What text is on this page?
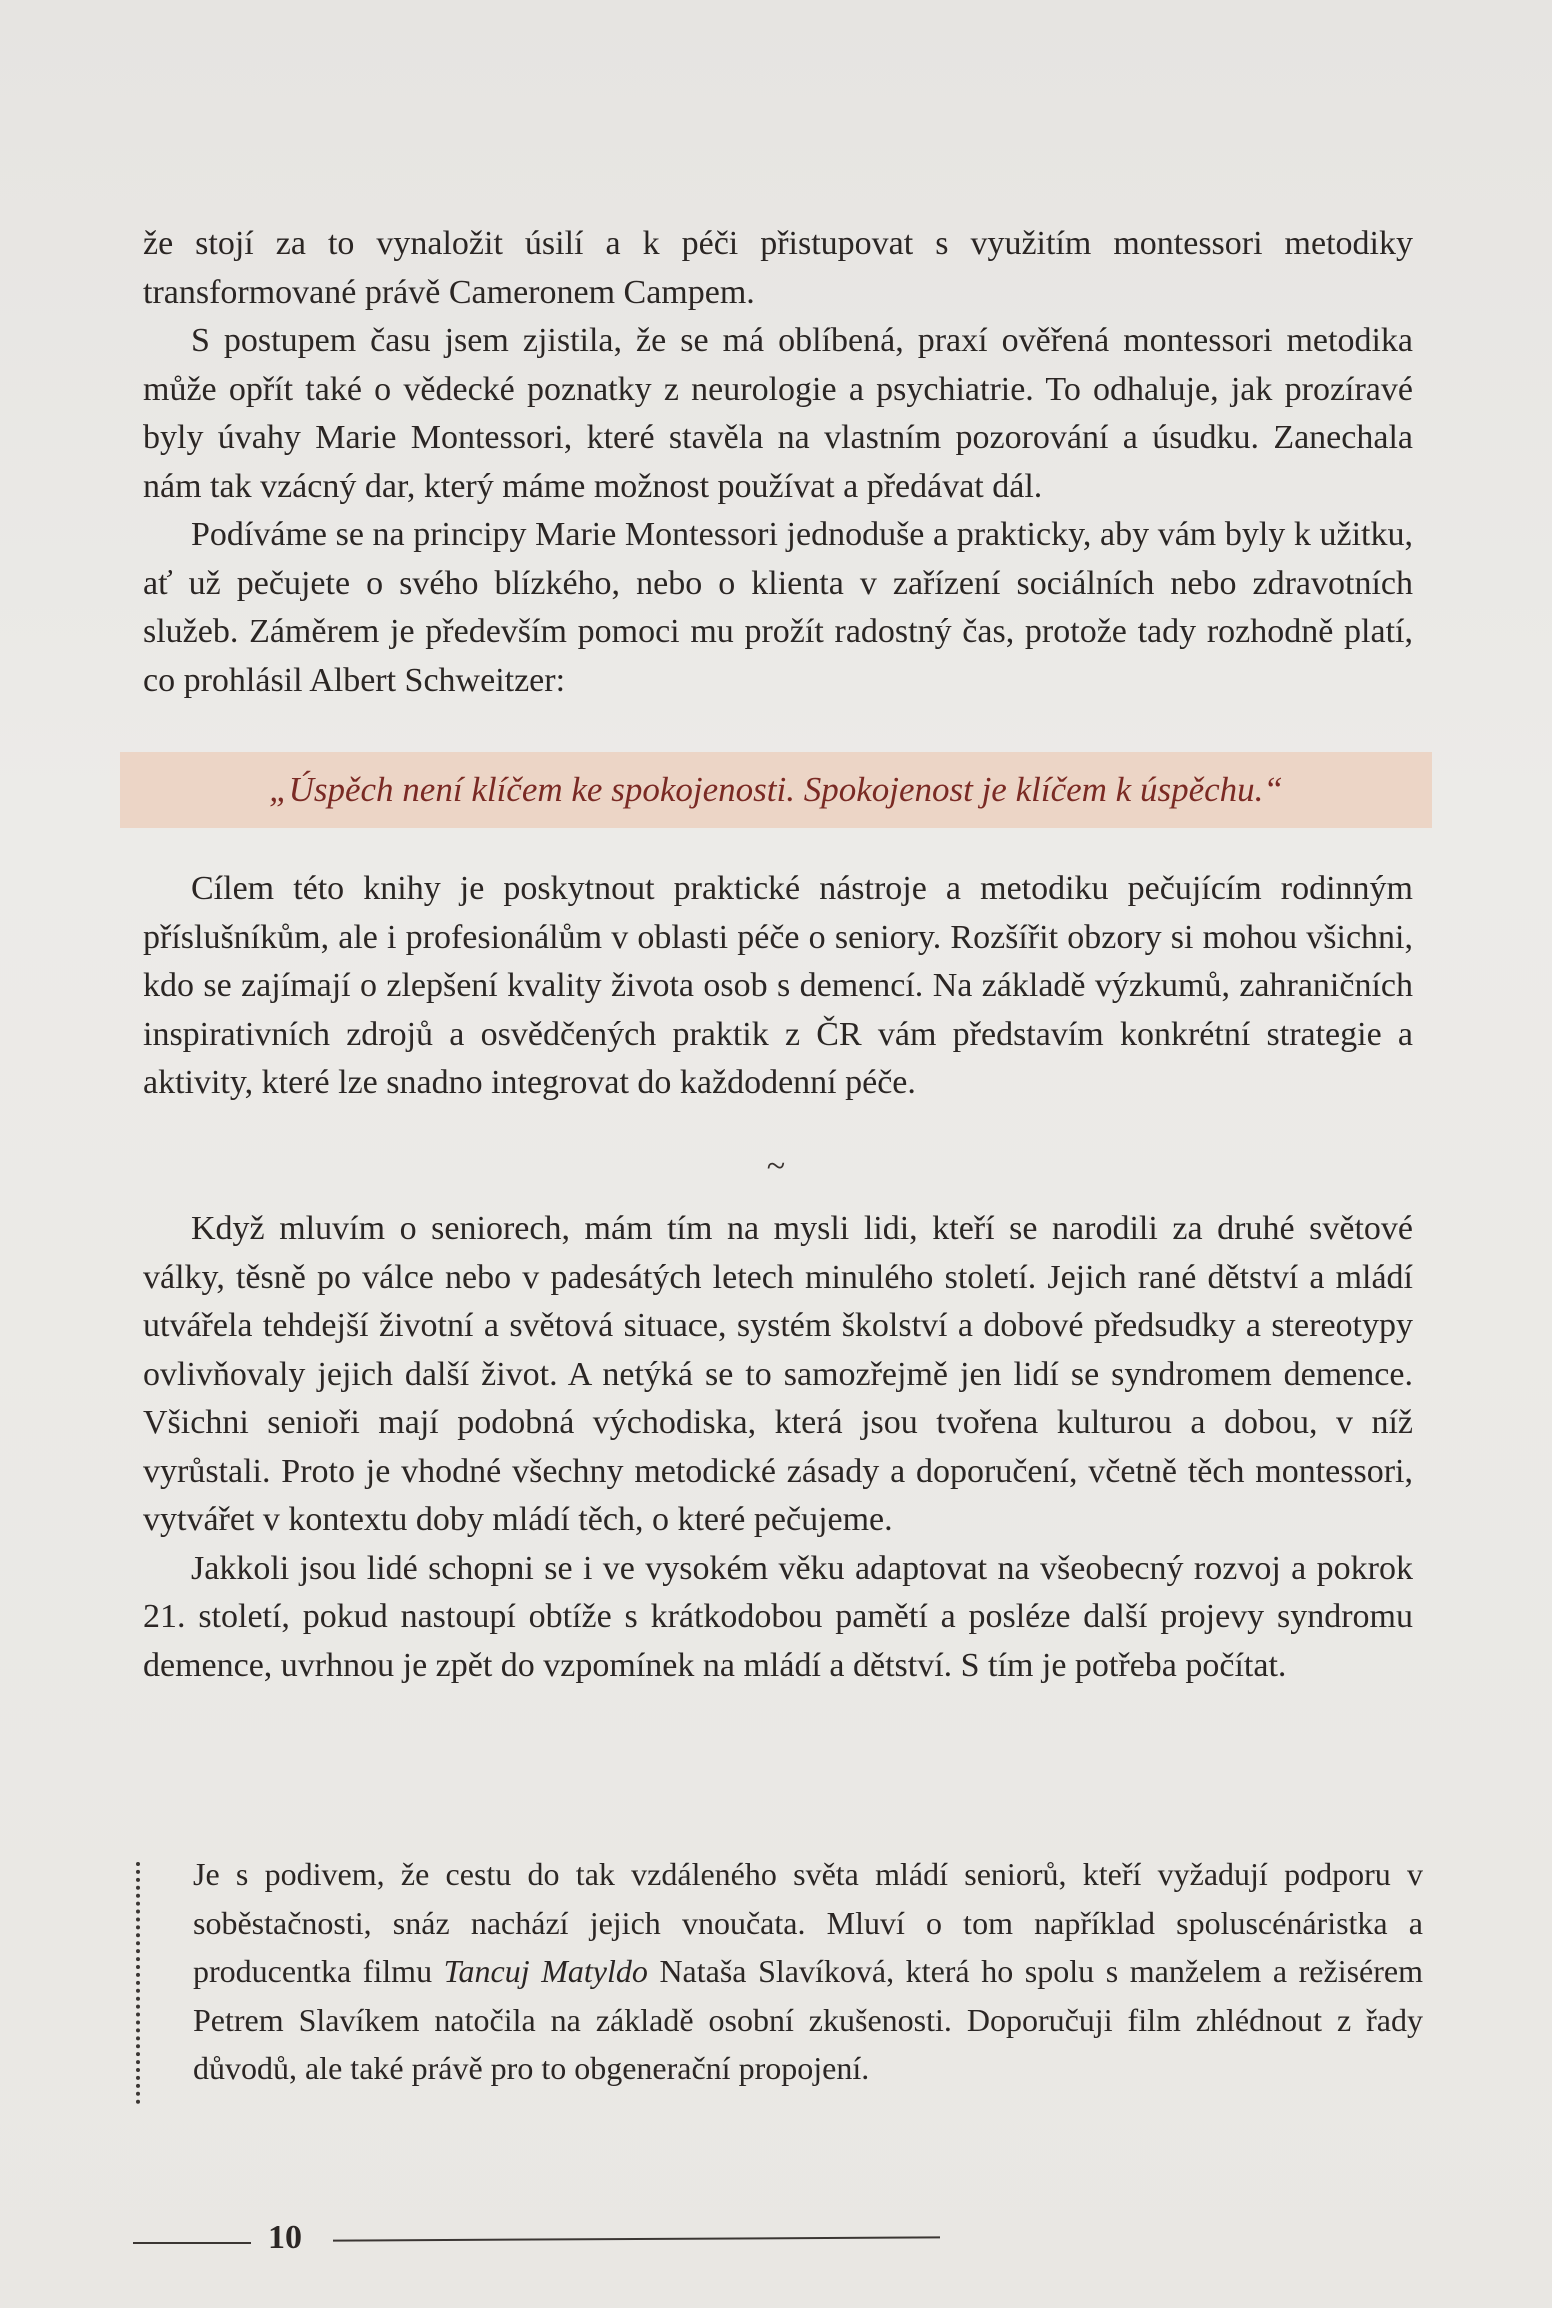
že stojí za to vynaložit úsilí a k péči přistupovat s využitím montessori metodiky transformované právě Cameronem Campem.

S postupem času jsem zjistila, že se má oblíbená, praxí ověřená montessori metodika může opřít také o vědecké poznatky z neurologie a psychiatrie. To odhaluje, jak prozíravé byly úvahy Marie Montessori, které stavěla na vlastním pozorování a úsudku. Zanechala nám tak vzácný dar, který máme možnost používat a předávat dál.

Podíváme se na principy Marie Montessori jednoduše a prakticky, aby vám byly k užitku, ať už pečujete o svého blízkého, nebo o klienta v zařízení sociálních nebo zdravotních služeb. Záměrem je především pomoci mu prožít radostný čas, protože tady rozhodně platí, co prohlásil Albert Schweitzer:

„Úspěch není klíčem ke spokojenosti. Spokojenost je klíčem k úspěchu.“

Cílem této knihy je poskytnout praktické nástroje a metodiku pečujícím rodinným příslušníkům, ale i profesionálům v oblasti péče o seniory. Rozšířit obzory si mohou všichni, kdo se zajímají o zlepšení kvality života osob s demencí. Na základě výzkumů, zahraničních inspirativních zdrojů a osvědčených praktik z ČR vám představím konkrétní strategie a aktivity, které lze snadno integrovat do každodenní péče.

~

Když mluvím o seniorech, mám tím na mysli lidi, kteří se narodili za druhé světové války, těsně po válce nebo v padesátých letech minulého století. Jejich rané dětství a mládí utvářela tehdejší životní a světová situace, systém školství a dobové předsudky a stereotypy ovlivňovaly jejich další život. A netýká se to samozřejmě jen lidí se syndromem demence. Všichni senioři mají podobná východiska, která jsou tvořena kulturou a dobou, v níž vyrůstali. Proto je vhodné všechny metodické zásady a doporučení, včetně těch montessori, vytvářet v kontextu doby mládí těch, o které pečujeme.

Jakkoli jsou lidé schopni se i ve vysokém věku adaptovat na všeobecný rozvoj a pokrok 21. století, pokud nastoupí obtíže s krátkodobou pamětí a posléze další projevy syndromu demence, uvrhnou je zpět do vzpomínek na mládí a dětství. S tím je potřeba počítat.

Je s podivem, že cestu do tak vzdáleného světa mládí seniorů, kteří vyžadují podporu v soběstačnosti, snáz nachází jejich vnoučata. Mluví o tom například spoluscénáristka a producentka filmu Tancuj Matyldo Nataša Slavíková, která ho spolu s manželem a režisérem Petrem Slavíkem natočila na základě osobní zkušenosti. Doporučuji film zhlédnout z řady důvodů, ale také právě pro to obgenerační propojení.

10
